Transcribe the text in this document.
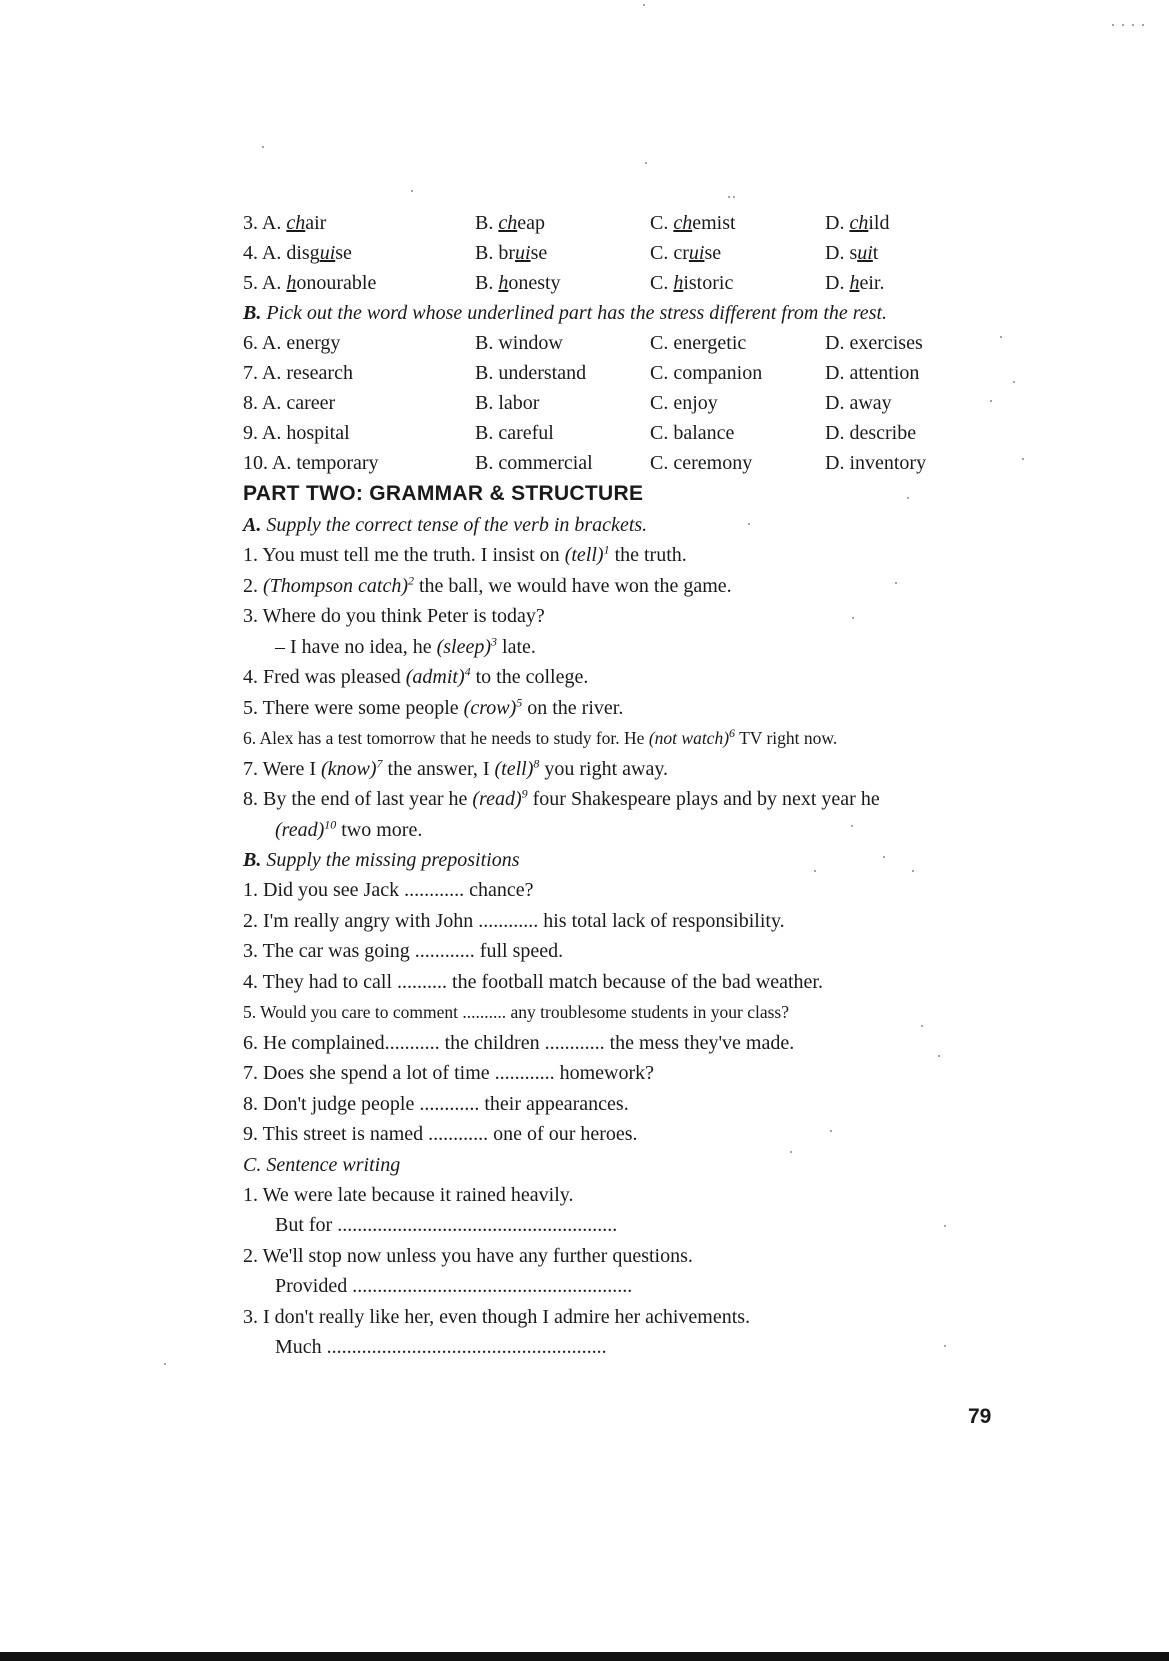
3. A. chair	B. cheap	C. chemist	D. child
4. A. disguise	B. bruise	C. cruise	D. suit
5. A. honourable	B. honesty	C. historic	D. heir.
B. Pick out the word whose underlined part has the stress different from the rest.
6. A. energy	B. window	C. energetic	D. exercises
7. A. research	B. understand	C. companion	D. attention
8. A. career	B. labor	C. enjoy	D. away
9. A. hospital	B. careful	C. balance	D. describe
10. A. temporary	B. commercial	C. ceremony	D. inventory
PART TWO: GRAMMAR & STRUCTURE
A. Supply the correct tense of the verb in brackets.
1. You must tell me the truth. I insist on (tell)$^1$ the truth.
2. (Thompson catch)$^2$ the ball, we would have won the game.
3. Where do you think Peter is today?
– I have no idea, he (sleep)$^3$ late.
4. Fred was pleased (admit)$^4$ to the college.
5. There were some people (crow)$^5$ on the river.
6. Alex has a test tomorrow that he needs to study for. He (not watch)$^6$ TV right now.
7. Were I (know)$^7$ the answer, I (tell)$^8$ you right away.
8. By the end of last year he (read)$^9$ four Shakespeare plays and by next year he
(read)$^{10}$ two more.
B. Supply the missing prepositions
1. Did you see Jack ............ chance?
2. I'm really angry with John ............ his total lack of responsibility.
3. The car was going ............ full speed.
4. They had to call .......... the football match because of the bad weather.
5. Would you care to comment .......... any troublesome students in your class?
6. He complained........... the children ............ the mess they've made.
7. Does she spend a lot of time ............ homework?
8. Don't judge people ............ their appearances.
9. This street is named ............ one of our heroes.
C. Sentence writing
1. We were late because it rained heavily.
But for ........................................................
2. We'll stop now unless you have any further questions.
Provided ........................................................
3. I don't really like her, even though I admire her achivements.
Much ........................................................
79
